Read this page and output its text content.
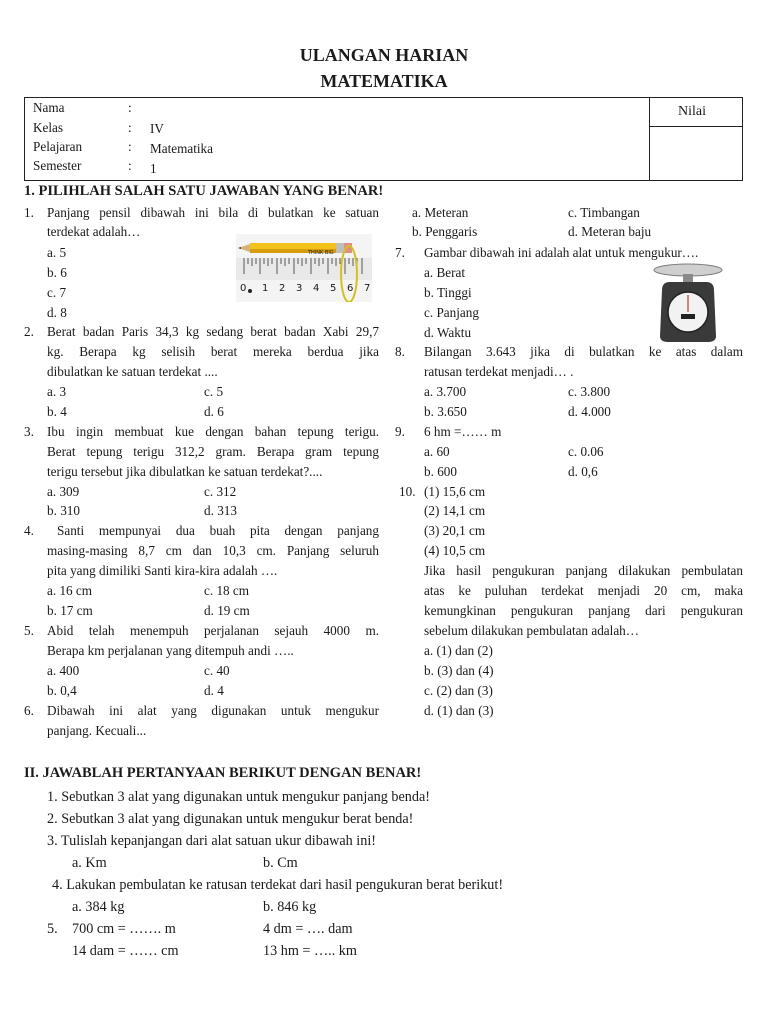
ULANGAN HARIAN
MATEMATIKA
Nama	:
Kelas	: IV
Pelajaran	: Matematika
Semester	: 1
Nilai
1. PILIHLAH SALAH SATU JAWABAN YANG BENAR!
1. Panjang pensil dibawah ini bila di bulatkan ke satuan
terdekat adalah…
a. 5
b. 6
c. 7
d. 8
THINK BIG
0 1 2 3 4 5 6 7
2. Berat badan Paris 34,3 kg sedang berat badan Xabi 29,7
kg. Berapa kg selisih berat mereka berdua jika
dibulatkan ke satuan terdekat ....
a. 3	c. 5
b. 4	d. 6
3. Ibu ingin membuat kue dengan bahan tepung terigu.
Berat tepung terigu 312,2 gram. Berapa gram tepung
terigu tersebut jika dibulatkan ke satuan terdekat?....
a. 309	c. 312
b. 310	d. 313
4. Santi mempunyai dua buah pita dengan panjang
masing-masing 8,7 cm dan 10,3 cm. Panjang seluruh
pita yang dimiliki Santi kira-kira adalah ….
a. 16 cm	c. 18 cm
b. 17 cm	d. 19 cm
5. Abid telah menempuh perjalanan sejauh 4000 m.
Berapa km perjalanan yang ditempuh andi …..
a. 400	c. 40
b. 0,4	d. 4
6. Dibawah ini alat yang digunakan untuk mengukur
panjang. Kecuali...
a. Meteran	c. Timbangan
b. Penggaris	d. Meteran baju
7. Gambar dibawah ini adalah alat untuk mengukur….
a. Berat
b. Tinggi
c. Panjang
d. Waktu
8. Bilangan 3.643 jika di bulatkan ke atas dalam
ratusan terdekat menjadi… .
a. 3.700	c. 3.800
b. 3.650	d. 4.000
9. 6 hm =…… m
a. 60	c. 0.06
b. 600	d. 0,6
10. (1) 15,6 cm
(2) 14,1 cm
(3) 20,1 cm
(4) 10,5 cm
Jika hasil pengukuran panjang dilakukan pembulatan
atas ke puluhan terdekat menjadi 20 cm, maka
kemungkinan pengukuran panjang dari pengukuran
sebelum dilakukan pembulatan adalah…
a. (1) dan (2)
b. (3) dan (4)
c. (2) dan (3)
d. (1) dan (3)
II. JAWABLAH PERTANYAAN BERIKUT DENGAN BENAR!
1. Sebutkan 3 alat yang digunakan untuk mengukur panjang benda!
2. Sebutkan 3 alat yang digunakan untuk mengukur berat benda!
3. Tulislah kepanjangan dari alat satuan ukur dibawah ini!
a. Km	b. Cm
4. Lakukan pembulatan ke ratusan terdekat dari hasil pengukuran berat berikut!
a. 384 kg	b. 846 kg
5. 700 cm = ……. m	4 dm = …. dam
14 dam = …… cm	13 hm = ….. km
